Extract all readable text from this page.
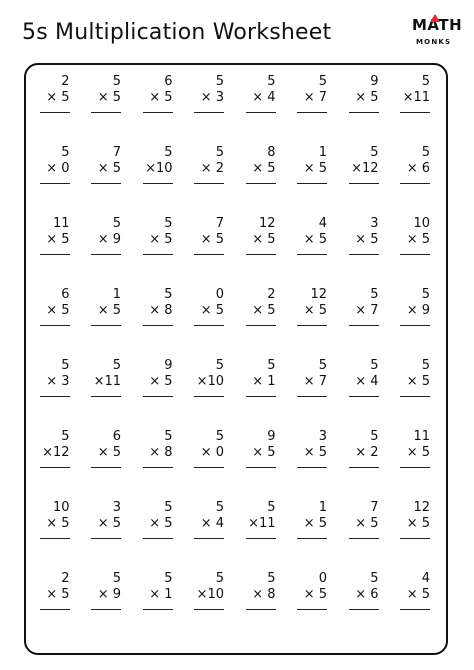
5s Multiplication Worksheet	MATH
MONKS
2
× 5
5
× 5
6
× 5
5
× 3
5
× 4
5
× 7
9
× 5
5
×11
5
× 0
7
× 5
5
×10
5
× 2
8
× 5
1
× 5
5
×12
5
× 6
11
× 5
5
× 9
5
× 5
7
× 5
12
× 5
4
× 5
3
× 5
10
× 5
6
× 5
1
× 5
5
× 8
0
× 5
2
× 5
12
× 5
5
× 7
5
× 9
5
× 3
5
×11
9
× 5
5
×10
5
× 1
5
× 7
5
× 4
5
× 5
5
×12
6
× 5
5
× 8
5
× 0
9
× 5
3
× 5
5
× 2
11
× 5
10
× 5
3
× 5
5
× 5
5
× 4
5
×11
1
× 5
7
× 5
12
× 5
2
× 5
5
× 9
5
× 1
5
×10
5
× 8
0
× 5
5
× 6
4
× 5
